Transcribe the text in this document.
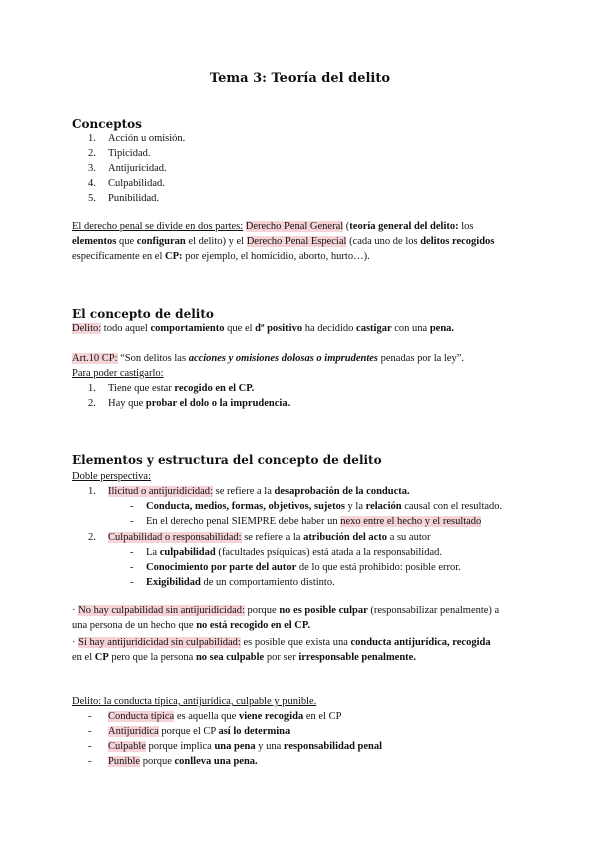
Tema 3: Teoría del delito
Conceptos
1. Acción u omisión.
2. Tipicidad.
3. Antijuricidad.
4. Culpabilidad.
5. Punibilidad.
El derecho penal se divide en dos partes: Derecho Penal General (teoría general del delito: los
elementos que configuran el delito) y el Derecho Penal Especial (cada uno de los delitos recogidos
específicamente en el CP: por ejemplo, el homicidio, aborto, hurto…).
El concepto de delito
Delito: todo aquel comportamiento que el dº positivo ha decidido castigar con una pena.
Art.10 CP: “Son delitos las acciones y omisiones dolosas o imprudentes penadas por la ley”.
Para poder castigarlo:
1. Tiene que estar recogido en el CP.
2. Hay que probar el dolo o la imprudencia.
Elementos y estructura del concepto de delito
Doble perspectiva:
1. Ilicitud o antijuridicidad: se refiere a la desaprobación de la conducta.
- Conducta, medios, formas, objetivos, sujetos y la relación causal con el resultado.
- En el derecho penal SIEMPRE debe haber un nexo entre el hecho y el resultado
2. Culpabilidad o responsabilidad: se refiere a la atribución del acto a su autor
- La culpabilidad (facultades psíquicas) está atada a la responsabilidad.
- Conocimiento por parte del autor de lo que está prohibido: posible error.
- Exigibilidad de un comportamiento distinto.
· No hay culpabilidad sin antijuridicidad: porque no es posible culpar (responsabilizar penalmente) a
una persona de un hecho que no está recogido en el CP.
· Si hay antijuridicidad sin culpabilidad: es posible que exista una conducta antijurídica, recogida
en el CP pero que la persona no sea culpable por ser irresponsable penalmente.
Delito: la conducta típica, antijurídica, culpable y punible.
- Conducta típica es aquella que viene recogida en el CP
- Antijurídica porque el CP así lo determina
- Culpable porque implica una pena y una responsabilidad penal
- Punible porque conlleva una pena.
